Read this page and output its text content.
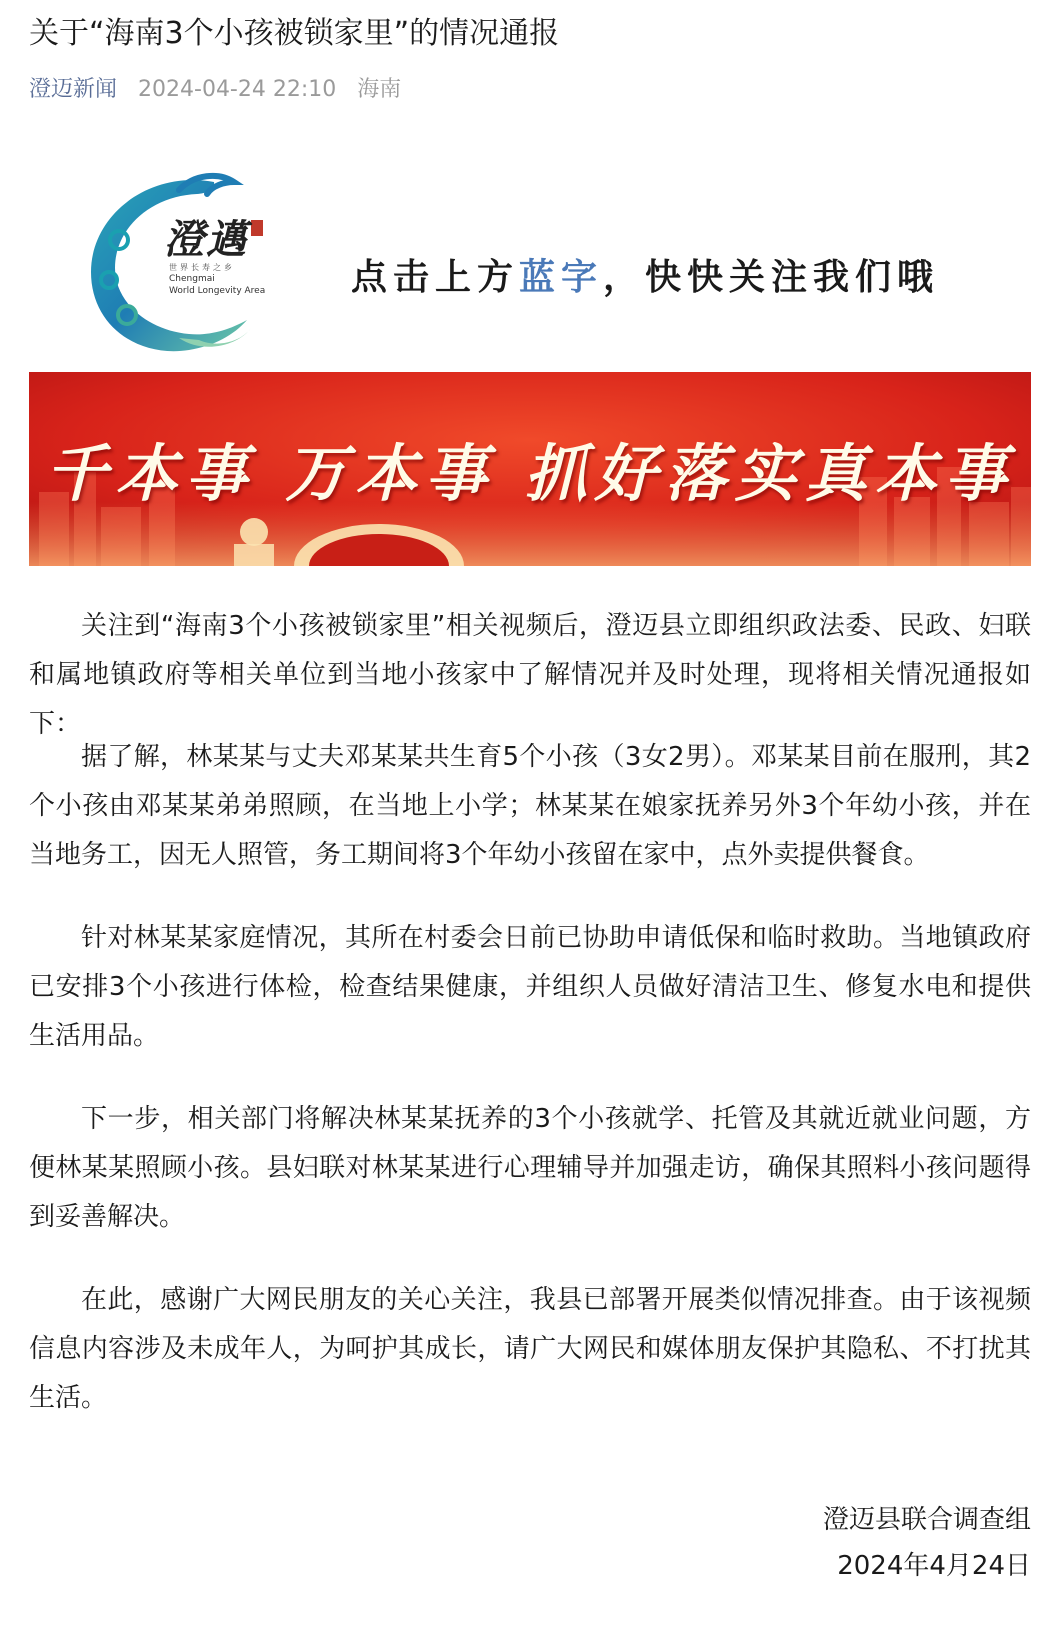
关于“海南3个小孩被锁家里”的情况通报
澄迈新闻 2024-04-24 22:10 海南
澄邁
世界长寿之乡
Chengmai
World Longevity Area 点击上方蓝字，快快关注我们哦
千本事 万本事 抓好落实真本事

关注到“海南3个小孩被锁家里”相关视频后，澄迈县立即组织政法委、民政、妇联和属地镇政府等相关单位到当地小孩家中了解情况并及时处理，现将相关情况通报如下：

据了解，林某某与丈夫邓某某共生育5个小孩（3女2男）。邓某某目前在服刑，其2个小孩由邓某某弟弟照顾，在当地上小学；林某某在娘家抚养另外3个年幼小孩，并在当地务工，因无人照管，务工期间将3个年幼小孩留在家中，点外卖提供餐食。

针对林某某家庭情况，其所在村委会日前已协助申请低保和临时救助。当地镇政府已安排3个小孩进行体检，检查结果健康，并组织人员做好清洁卫生、修复水电和提供生活用品。

下一步，相关部门将解决林某某抚养的3个小孩就学、托管及其就近就业问题，方便林某某照顾小孩。县妇联对林某某进行心理辅导并加强走访，确保其照料小孩问题得到妥善解决。

在此，感谢广大网民朋友的关心关注，我县已部署开展类似情况排查。由于该视频信息内容涉及未成年人，为呵护其成长，请广大网民和媒体朋友保护其隐私、不打扰其生活。

澄迈县联合调查组
2024年4月24日
